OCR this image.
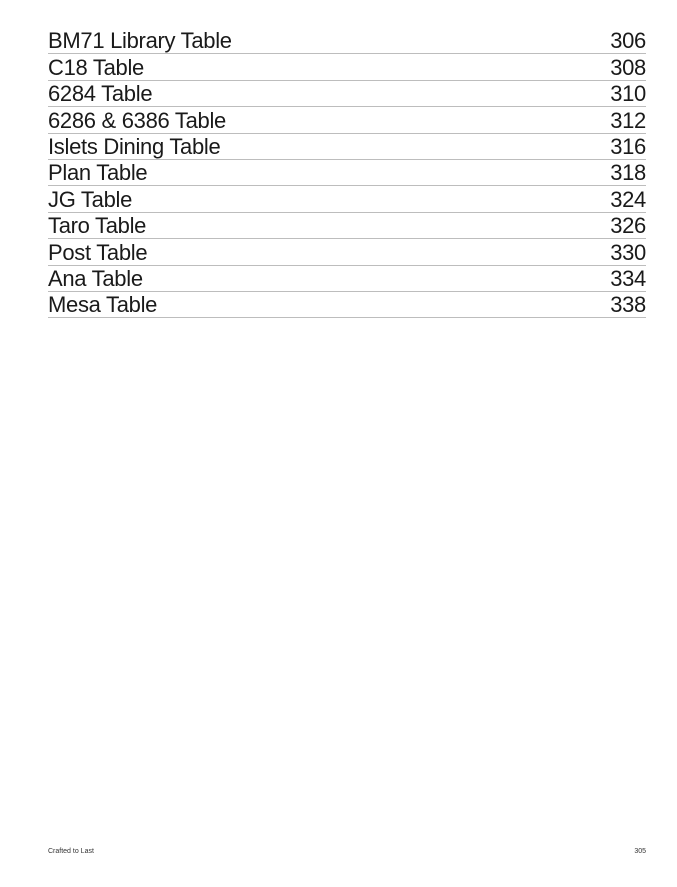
BM71 Library Table	306
C18 Table	308
6284 Table	310
6286 & 6386 Table	312
Islets Dining Table	316
Plan Table	318
JG Table	324
Taro Table	326
Post Table	330
Ana Table	334
Mesa Table	338
Crafted to Last	305
